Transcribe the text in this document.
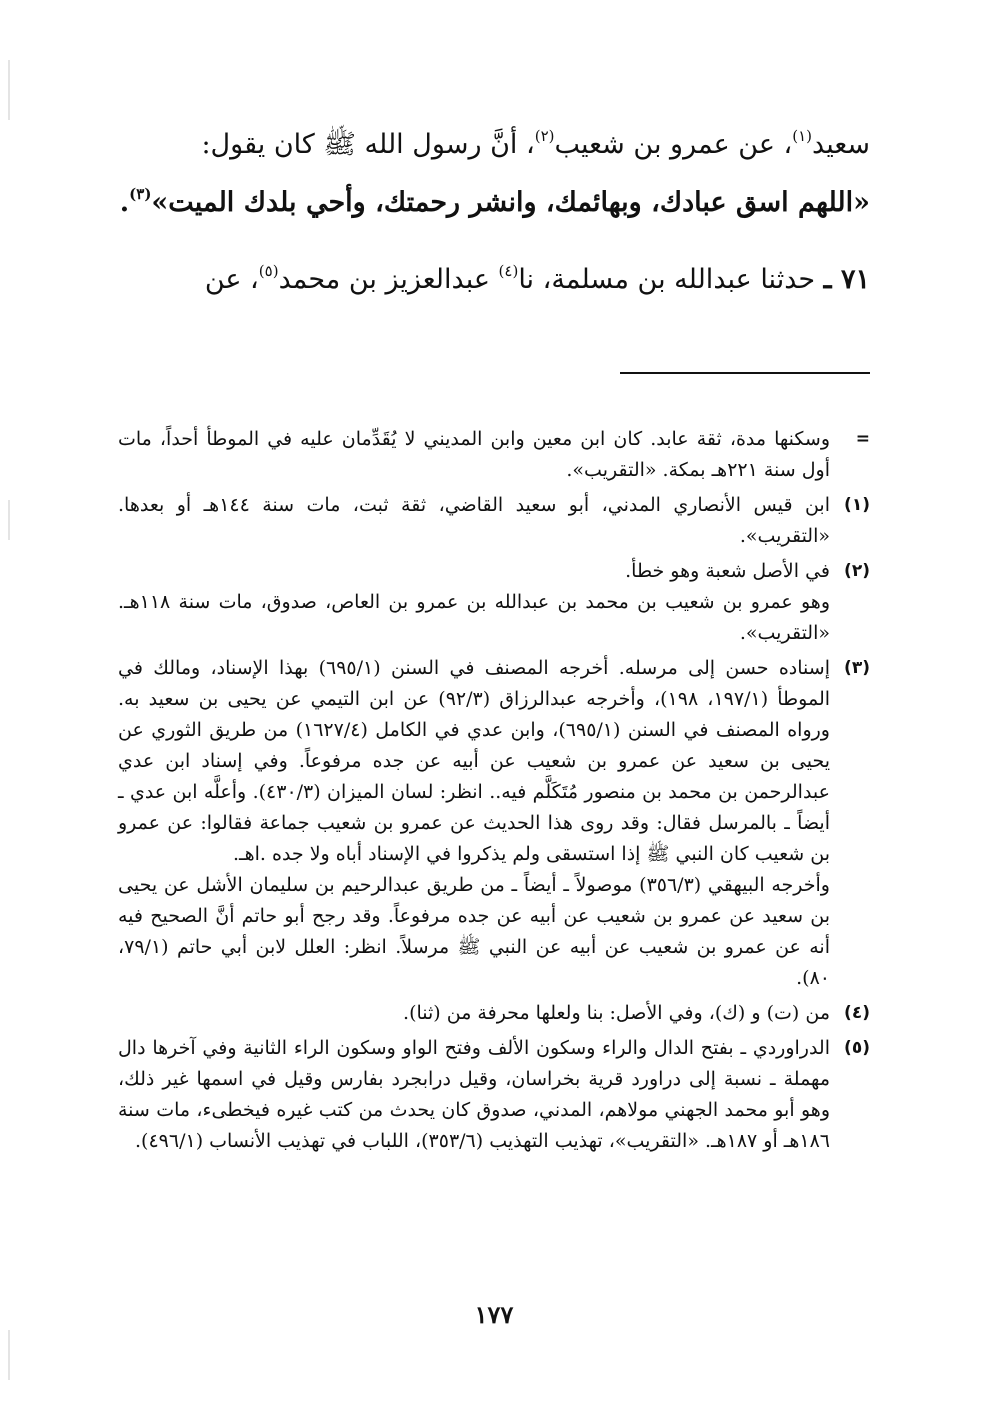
سعيد$^{(١)}$، عن عمرو بن شعيب$^{(٢)}$، أنَّ رسول الله ﷺ كان يقول:

«اللهم اسق عبادك، وبهائمك، وانشر رحمتك، وأحي بلدك الميت»$^{(٣)}$.

٧١ ـ حدثنا عبدالله بن مسلمة، نا$^{(٤)}$ عبدالعزيز بن محمد$^{(٥)}$، عن

=

وسكنها مدة، ثقة عابد. كان ابن معين وابن المديني لا يُقَدِّمان عليه في الموطأ أحداً، مات أول سنة ٢٢١هـ بمكة. «التقريب».

(١)

ابن قيس الأنصاري المدني، أبو سعيد القاضي، ثقة ثبت، مات سنة ١٤٤هـ أو بعدها. «التقريب».

(٢)

في الأصل شعبة وهو خطأ.

وهو عمرو بن شعيب بن محمد بن عبدالله بن عمرو بن العاص، صدوق، مات سنة ١١٨هـ. «التقريب».

(٣)

إسناده حسن إلى مرسله. أخرجه المصنف في السنن (٦٩٥/١) بهذا الإسناد، ومالك في الموطأ (١٩٧/١، ١٩٨)، وأخرجه عبدالرزاق (٩٢/٣) عن ابن التيمي عن يحيى بن سعيد به. ورواه المصنف في السنن (٦٩٥/١)، وابن عدي في الكامل (١٦٢٧/٤) من طريق الثوري عن يحيى بن سعيد عن عمرو بن شعيب عن أبيه عن جده مرفوعاً. وفي إسناد ابن عدي عبدالرحمن بن محمد بن منصور مُتَكَلَّم فيه.. انظر: لسان الميزان (٤٣٠/٣). وأعلَّه ابن عدي ـ أيضاً ـ بالمرسل فقال: وقد روى هذا الحديث عن عمرو بن شعيب جماعة فقالوا: عن عمرو بن شعيب كان النبي ﷺ إذا استسقى ولم يذكروا في الإسناد أباه ولا جده .اهـ.

وأخرجه البيهقي (٣٥٦/٣) موصولاً ـ أيضاً ـ من طريق عبدالرحيم بن سليمان الأشل عن يحيى بن سعيد عن عمرو بن شعيب عن أبيه عن جده مرفوعاً. وقد رجح أبو حاتم أنَّ الصحيح فيه أنه عن عمرو بن شعيب عن أبيه عن النبي ﷺ مرسلاً. انظر: العلل لابن أبي حاتم (٧٩/١، ٨٠).

(٤)

من (ت) و (ك)، وفي الأصل: بنا ولعلها محرفة من (ثنا).

(٥)

الدراوردي ـ بفتح الدال والراء وسكون الألف وفتح الواو وسكون الراء الثانية وفي آخرها دال مهملة ـ نسبة إلى دراورد قرية بخراسان، وقيل درابجرد بفارس وقيل في اسمها غير ذلك، وهو أبو محمد الجهني مولاهم، المدني، صدوق كان يحدث من كتب غيره فيخطىء، مات سنة ١٨٦هـ أو ١٨٧هـ. «التقريب»، تهذيب التهذيب (٣٥٣/٦)، اللباب في تهذيب الأنساب (٤٩٦/١).

١٧٧
